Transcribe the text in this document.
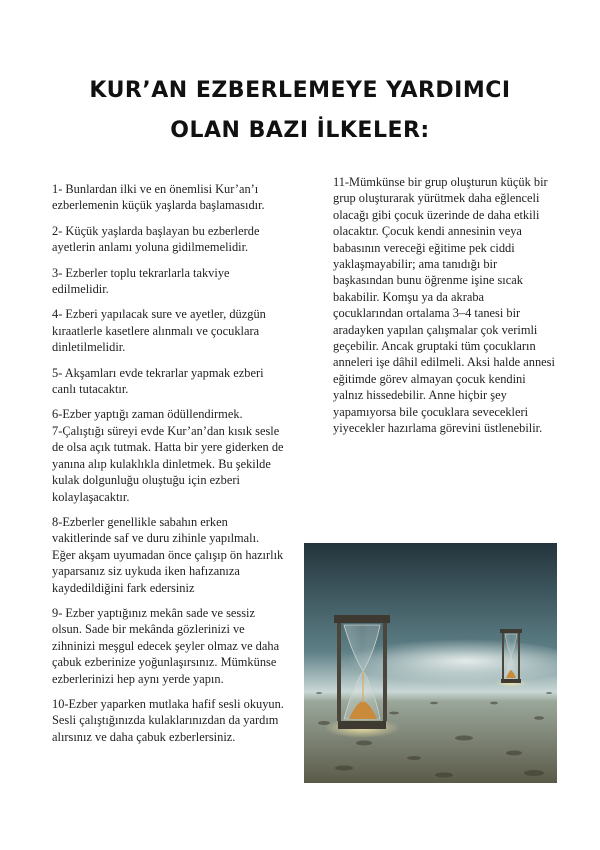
KUR’AN EZBERLEMEYE YARDIMCI
OLAN BAZI İLKELER:

1- Bunlardan ilki ve en önemlisi Kur’an’ı ezberlemenin küçük yaşlarda başlamasıdır.

2- Küçük yaşlarda başlayan bu ezberlerde ayetlerin anlamı yoluna gidilmemelidir.

3- Ezberler toplu tekrarlarla takviye edilmelidir.

4- Ezberi yapılacak sure ve ayetler, düzgün kıraatlerle kasetlere alınmalı ve çocuklara dinletilmelidir.

5- Akşamları evde tekrarlar yapmak ezberi canlı tutacaktır.

6-Ezber yaptığı zaman ödüllendirmek.

7-Çalıştığı süreyi evde Kur’an’dan kısık sesle de olsa açık tutmak. Hatta bir yere giderken de yanına alıp kulaklıkla dinletmek. Bu şekilde kulak dolgunluğu oluştuğu için ezberi kolaylaşacaktır.

8-Ezberler genellikle sabahın erken vakitlerinde saf ve duru zihinle yapılmalı. Eğer akşam uyumadan önce çalışıp ön hazırlık yaparsanız siz uykuda iken hafızanıza kaydedildiğini fark edersiniz

9- Ezber yaptığınız mekân sade ve sessiz olsun. Sade bir mekânda gözlerinizi ve zihninizi meşgul edecek şeyler olmaz ve daha çabuk ezberinize yoğunlaşırsınız. Mümkünse ezberlerinizi hep aynı yerde yapın.

10-Ezber yaparken mutlaka hafif sesli okuyun. Sesli çalıştığınızda kulaklarınızdan da yardım alırsınız ve daha çabuk ezberlersiniz.

11-Mümkünse bir grup oluşturun küçük bir grup oluşturarak yürütmek daha eğlenceli olacağı gibi çocuk üzerinde de daha etkili olacaktır. Çocuk kendi annesinin veya babasının vereceği eğitime pek ciddi yaklaşmayabilir; ama tanıdığı bir başkasından bunu öğrenme işine sıcak bakabilir. Komşu ya da akraba çocuklarından ortalama 3–4 tanesi bir aradayken yapılan çalışmalar çok verimli geçebilir. Ancak gruptaki tüm çocukların anneleri işe dâhil edilmeli. Aksi halde annesi eğitimde görev almayan çocuk kendini yalnız hissedebilir. Anne hiçbir şey yapamıyorsa bile çocuklara sevecekleri yiyecekler hazırlama görevini üstlenebilir.
